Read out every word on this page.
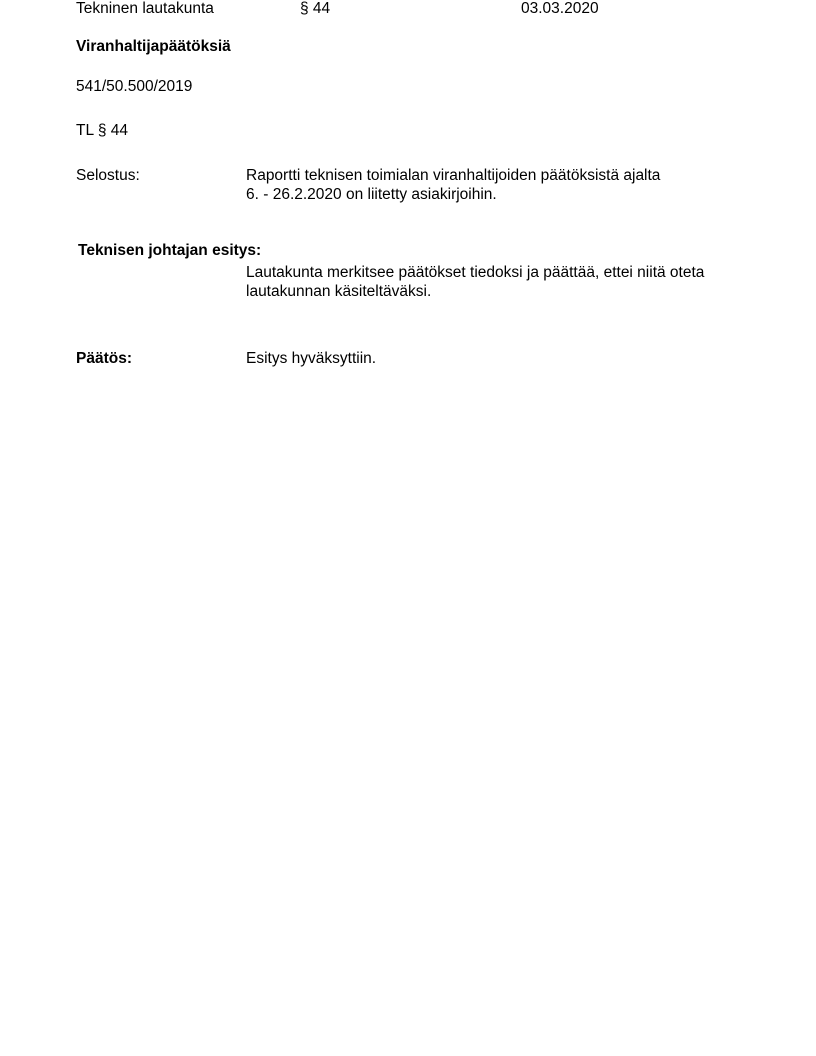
Tekninen lautakunta	§ 44	03.03.2020
Viranhaltijapäätöksiä
541/50.500/2019
TL § 44
Selostus:	Raportti teknisen toimialan viranhaltijoiden päätöksistä ajalta
6. - 26.2.2020 on liitetty asiakirjoihin.
Teknisen johtajan esitys:
Lautakunta merkitsee päätökset tiedoksi ja päättää, ettei niitä oteta
lautakunnan käsiteltäväksi.
Päätös:	Esitys hyväksyttiin.
